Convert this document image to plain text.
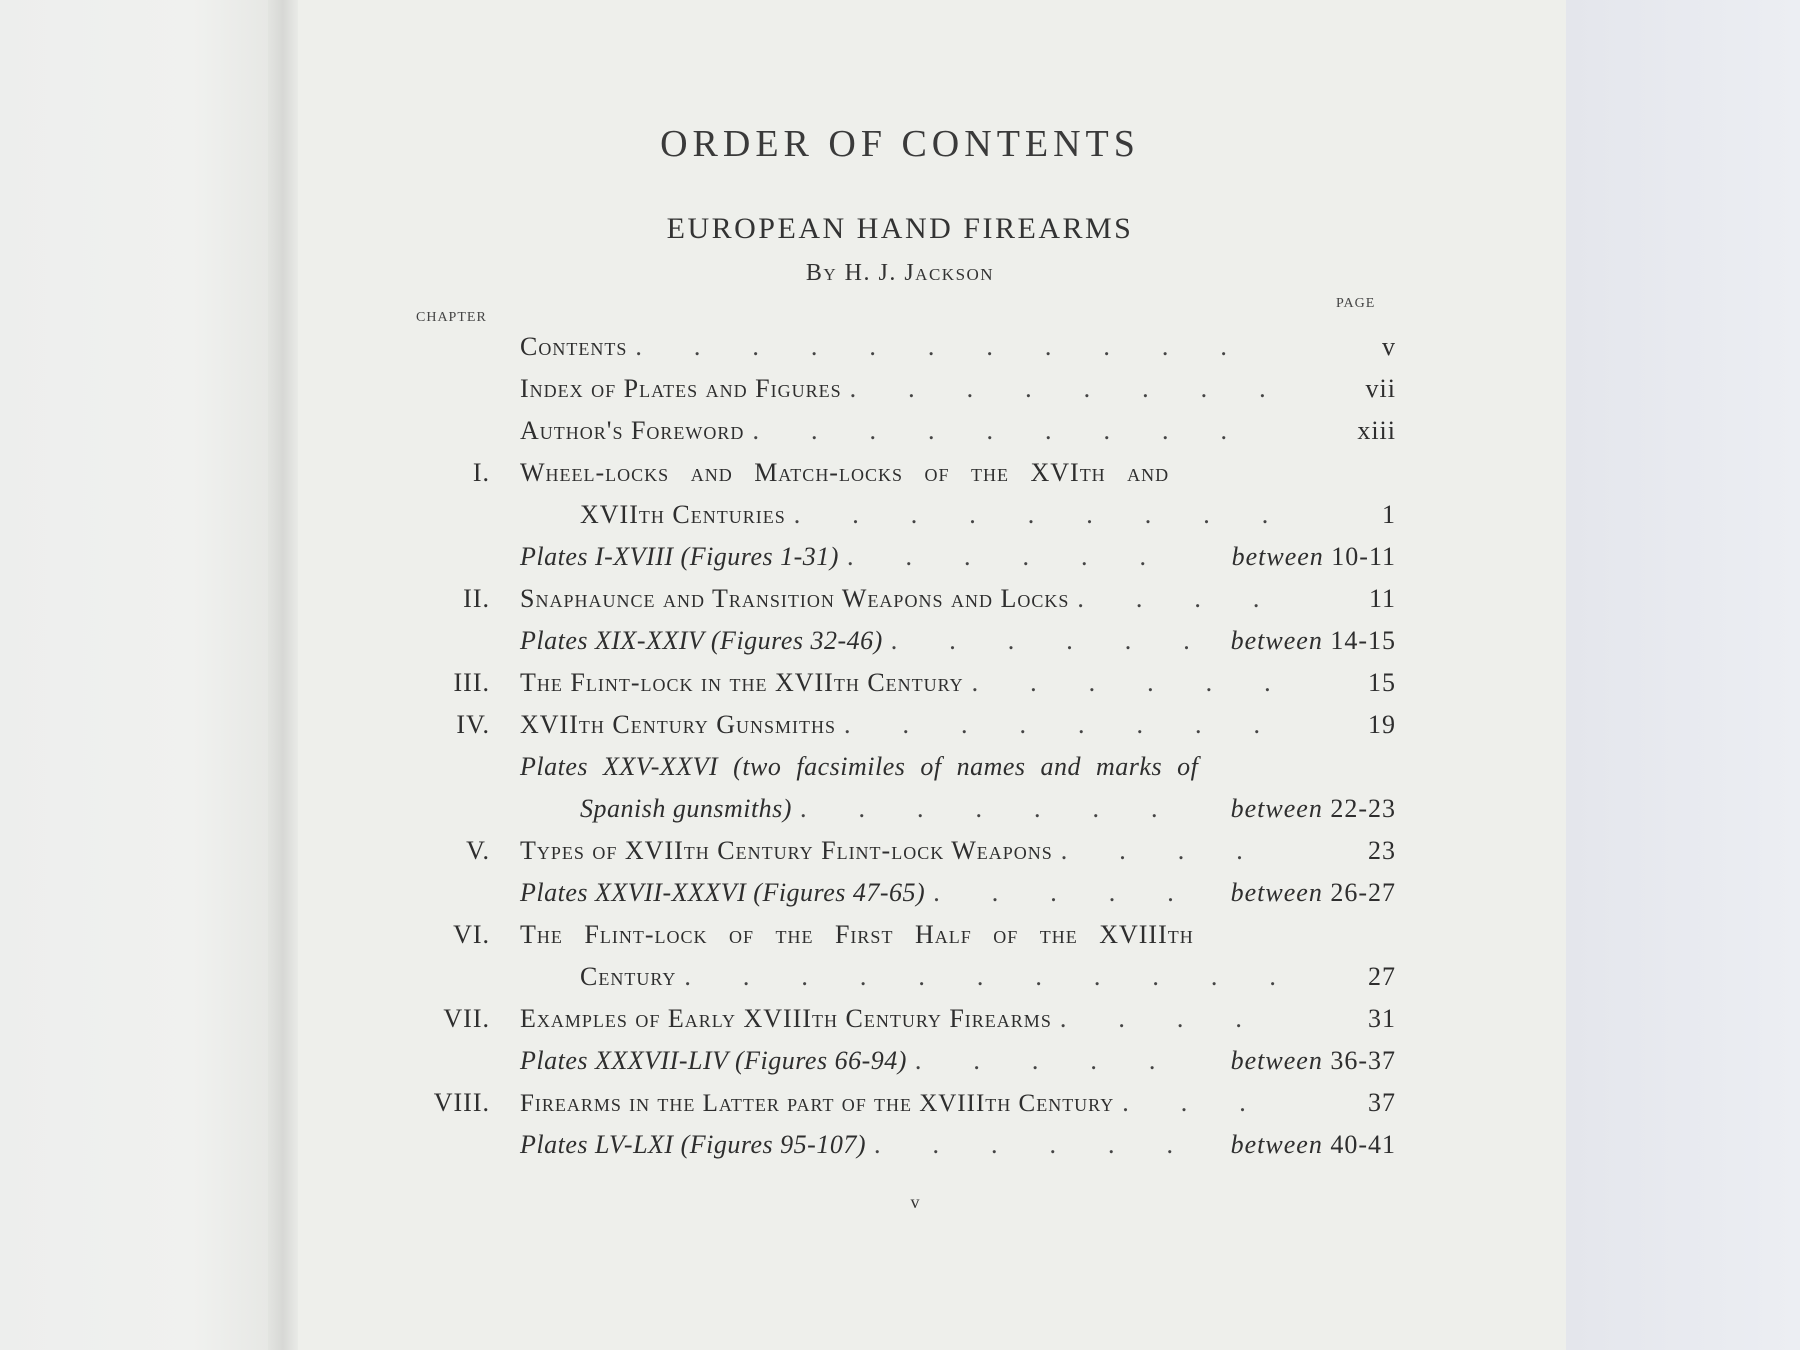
ORDER OF CONTENTS
EUROPEAN HAND FIREARMS
By H. J. Jackson
CHAPTER
PAGE
Contents .	v
Index of Plates and Figures .	vii
Author's Foreword .	xiii
I. Wheel-locks and Match-locks of the XVIth and
XVIIth Centuries .	1
Plates I-XVIII (Figures 1-31) .	between 10-11
II. Snaphaunce and Transition Weapons and Locks .	11
Plates XIX-XXIV (Figures 32-46) .	between 14-15
III. The Flint-lock in the XVIIth Century .	15
IV. XVIIth Century Gunsmiths .	19
Plates XXV-XXVI (two facsimiles of names and marks of
Spanish gunsmiths) .	between 22-23
V. Types of XVIIth Century Flint-lock Weapons .	23
Plates XXVII-XXXVI (Figures 47-65) .	between 26-27
VI. The Flint-lock of the First Half of the XVIIIth
Century .	27
VII. Examples of Early XVIIIth Century Firearms .	31
Plates XXXVII-LIV (Figures 66-94) .	between 36-37
VIII. Firearms in the Latter part of the XVIIIth Century .	37
Plates LV-LXI (Figures 95-107) .	between 40-41
v
